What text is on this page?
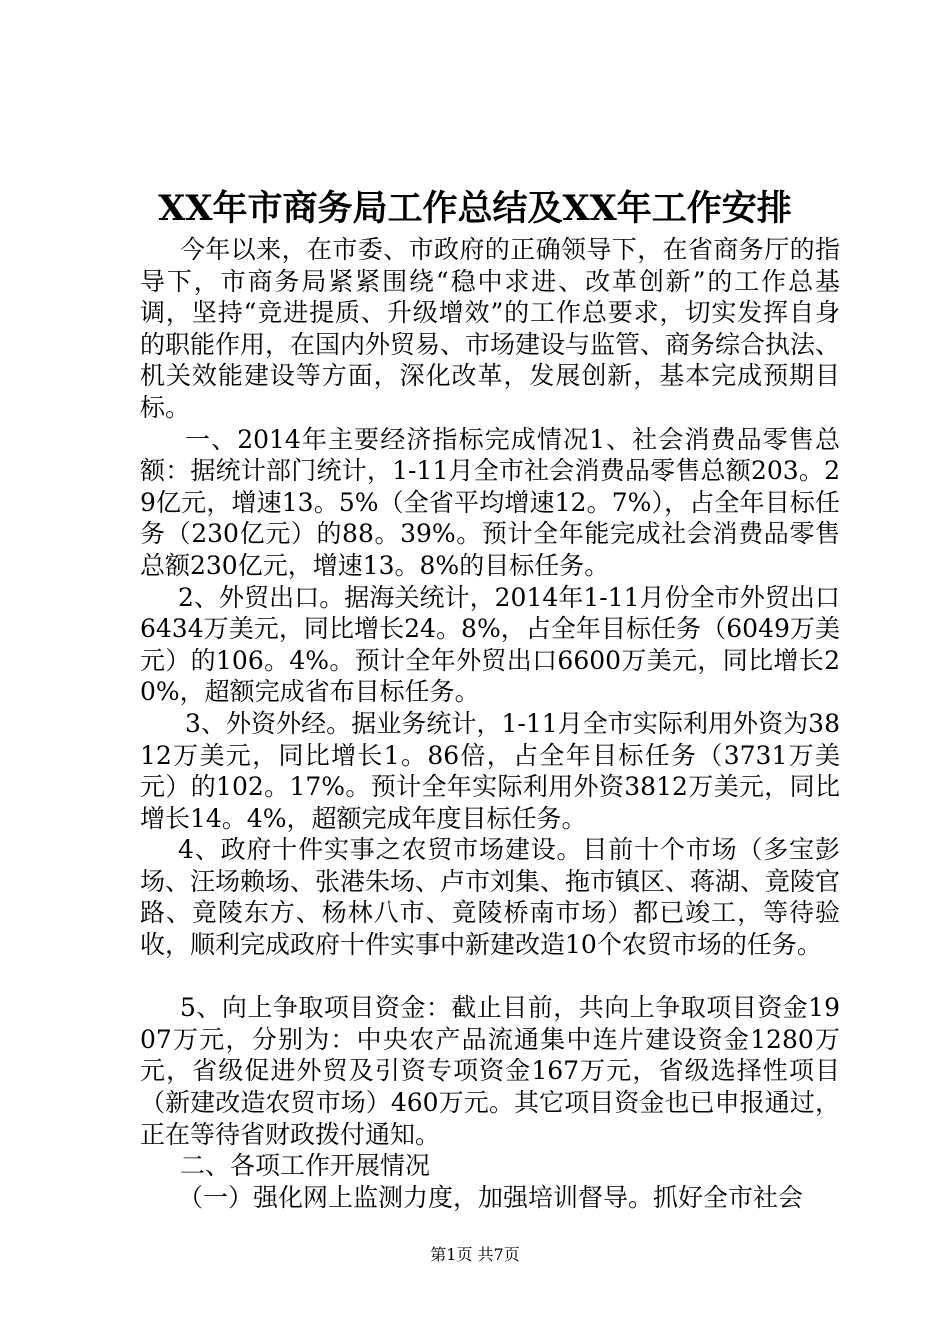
XX年市商务局工作总结及XX年工作安排

今年以来，在市委、市政府的正确领导下，在省商务厅的指导下，市商务局紧紧围绕“稳中求进、改革创新”的工作总基调，坚持“竞进提质、升级增效”的工作总要求，切实发挥自身的职能作用，在国内外贸易、市场建设与监管、商务综合执法、机关效能建设等方面，深化改革，发展创新，基本完成预期目标。

一、2014年主要经济指标完成情况1、社会消费品零售总额：据统计部门统计，1-11月全市社会消费品零售总额203。29亿元，增速13。5%（全省平均增速12。7%），占全年目标任务（230亿元）的88。39%。预计全年能完成社会消费品零售总额230亿元，增速13。8%的目标任务。

2、外贸出口。据海关统计，2014年1-11月份全市外贸出口6434万美元，同比增长24。8%，占全年目标任务（6049万美元）的106。4%。预计全年外贸出口6600万美元，同比增长20%，超额完成省布目标任务。

3、外资外经。据业务统计，1-11月全市实际利用外资为3812万美元，同比增长1。86倍，占全年目标任务（3731万美元）的102。17%。预计全年实际利用外资3812万美元，同比增长14。4%，超额完成年度目标任务。

4、政府十件实事之农贸市场建设。目前十个市场（多宝彭场、汪场赖场、张港朱场、卢市刘集、拖市镇区、蒋湖、竟陵官路、竟陵东方、杨林八市、竟陵桥南市场）都已竣工，等待验收，顺利完成政府十件实事中新建改造10个农贸市场的任务。

5、向上争取项目资金：截止目前，共向上争取项目资金1907万元，分别为：中央农产品流通集中连片建设资金1280万元，省级促进外贸及引资专项资金167万元，省级选择性项目（新建改造农贸市场）460万元。其它项目资金也已申报通过，正在等待省财政拨付通知。

二、各项工作开展情况

（一）强化网上监测力度，加强培训督导。抓好全市社会

第1页 共7页
